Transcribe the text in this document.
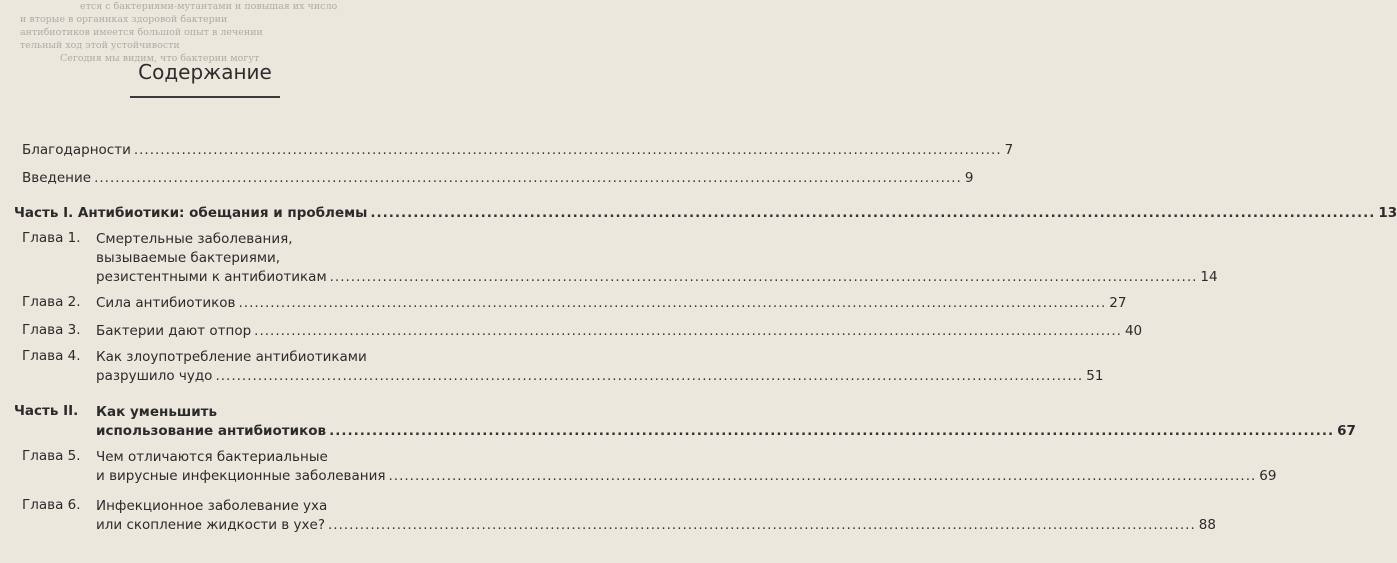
ется с бактериями-мутантами и повышая их число
и вторые в органиках здоровой бактерии
антибиотиков имеется большой опыт в лечении
тельный ход этой устойчивости
Сегодня мы видим, что бактерии могут
Содержание
Благодарности .....	7
Введение .....	9
Часть I. Антибиотики: обещания и проблемы .....	13
Глава 1.	Смертельные заболевания,
вызываемые бактериями,
резистентными к антибиотикам .....	14
Глава 2.	Сила антибиотиков .....	27
Глава 3.	Бактерии дают отпор .....	40
Глава 4.	Как злоупотребление антибиотиками
разрушило чудо .....	51
Часть II.	Как уменьшить
использование антибиотиков .....	67
Глава 5.	Чем отличаются бактериальные
и вирусные инфекционные заболевания .....	69
Глава 6.	Инфекционное заболевание уха
или скопление жидкости в ухе? .....	88
